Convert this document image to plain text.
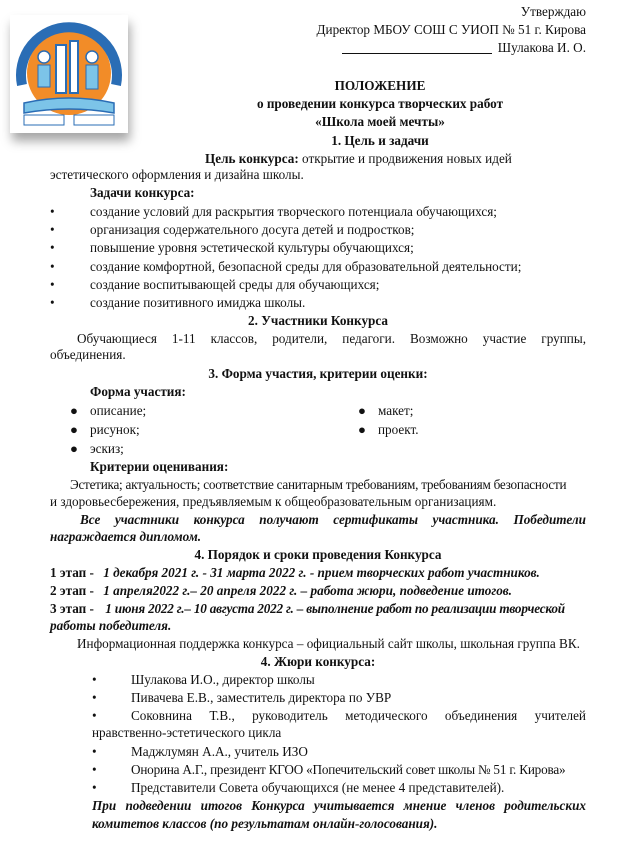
Утверждаю
Директор МБОУ СОШ С УИОП № 51 г. Кирова
Шулакова И. О.
ПОЛОЖЕНИЕ
о проведении конкурса творческих работ
«Школа моей мечты»
1. Цель и задачи
Цель конкурса: открытие и продвижения новых идей
эстетического оформления и дизайна школы.
Задачи конкурса:
•	создание условий для раскрытия творческого потенциала обучающихся;
•	организация содержательного досуга детей и подростков;
•	повышение уровня эстетической культуры обучающихся;
•	создание комфортной, безопасной среды для образовательной деятельности;
•	создание воспитывающей среды для обучающихся;
•	создание позитивного имиджа школы.
2. Участники Конкурса
Обучающиеся 1-11 классов, родители, педагоги. Возможно участие группы,
объединения.
3. Форма участия, критерии оценки:
Форма участия:
● описание;
● рисунок;
● эскиз;
● макет;
● проект.
Критерии оценивания:
Эстетика; актуальность; соответствие санитарным требованиям, требованиям безопасности
и здоровьесбережения, предъявляемым к общеобразовательным организациям.
Все участники конкурса получают сертификаты участника. Победители
награждается дипломом.
4. Порядок и сроки проведения Конкурса
1 этап - 1 декабря 2021 г. - 31 марта 2022 г. - прием творческих работ участников.
2 этап - 1 апреля2022 г.– 20 апреля 2022 г. – работа жюри, подведение итогов.
3 этап - 1 июня 2022 г.– 10 августа 2022 г. – выполнение работ по реализации творческой
работы победителя.
Информационная поддержка конкурса – официальный сайт школы, школьная группа ВК.
4. Жюри конкурса:
•	Шулакова И.О., директор школы
•	Пивачева Е.В., заместитель директора по УВР
•	Соковнина Т.В., руководитель методического объединения учителей
нравственно-эстетического цикла
•	Маджлумян А.А., учитель ИЗО
•	Онорина А.Г., президент КГОО «Попечительский совет школы № 51 г. Кирова»
•	Представители Совета обучающихся (не менее 4 представителей).
При подведении итогов Конкурса учитывается мнение членов родительских
комитетов классов (по результатам онлайн-голосования).
